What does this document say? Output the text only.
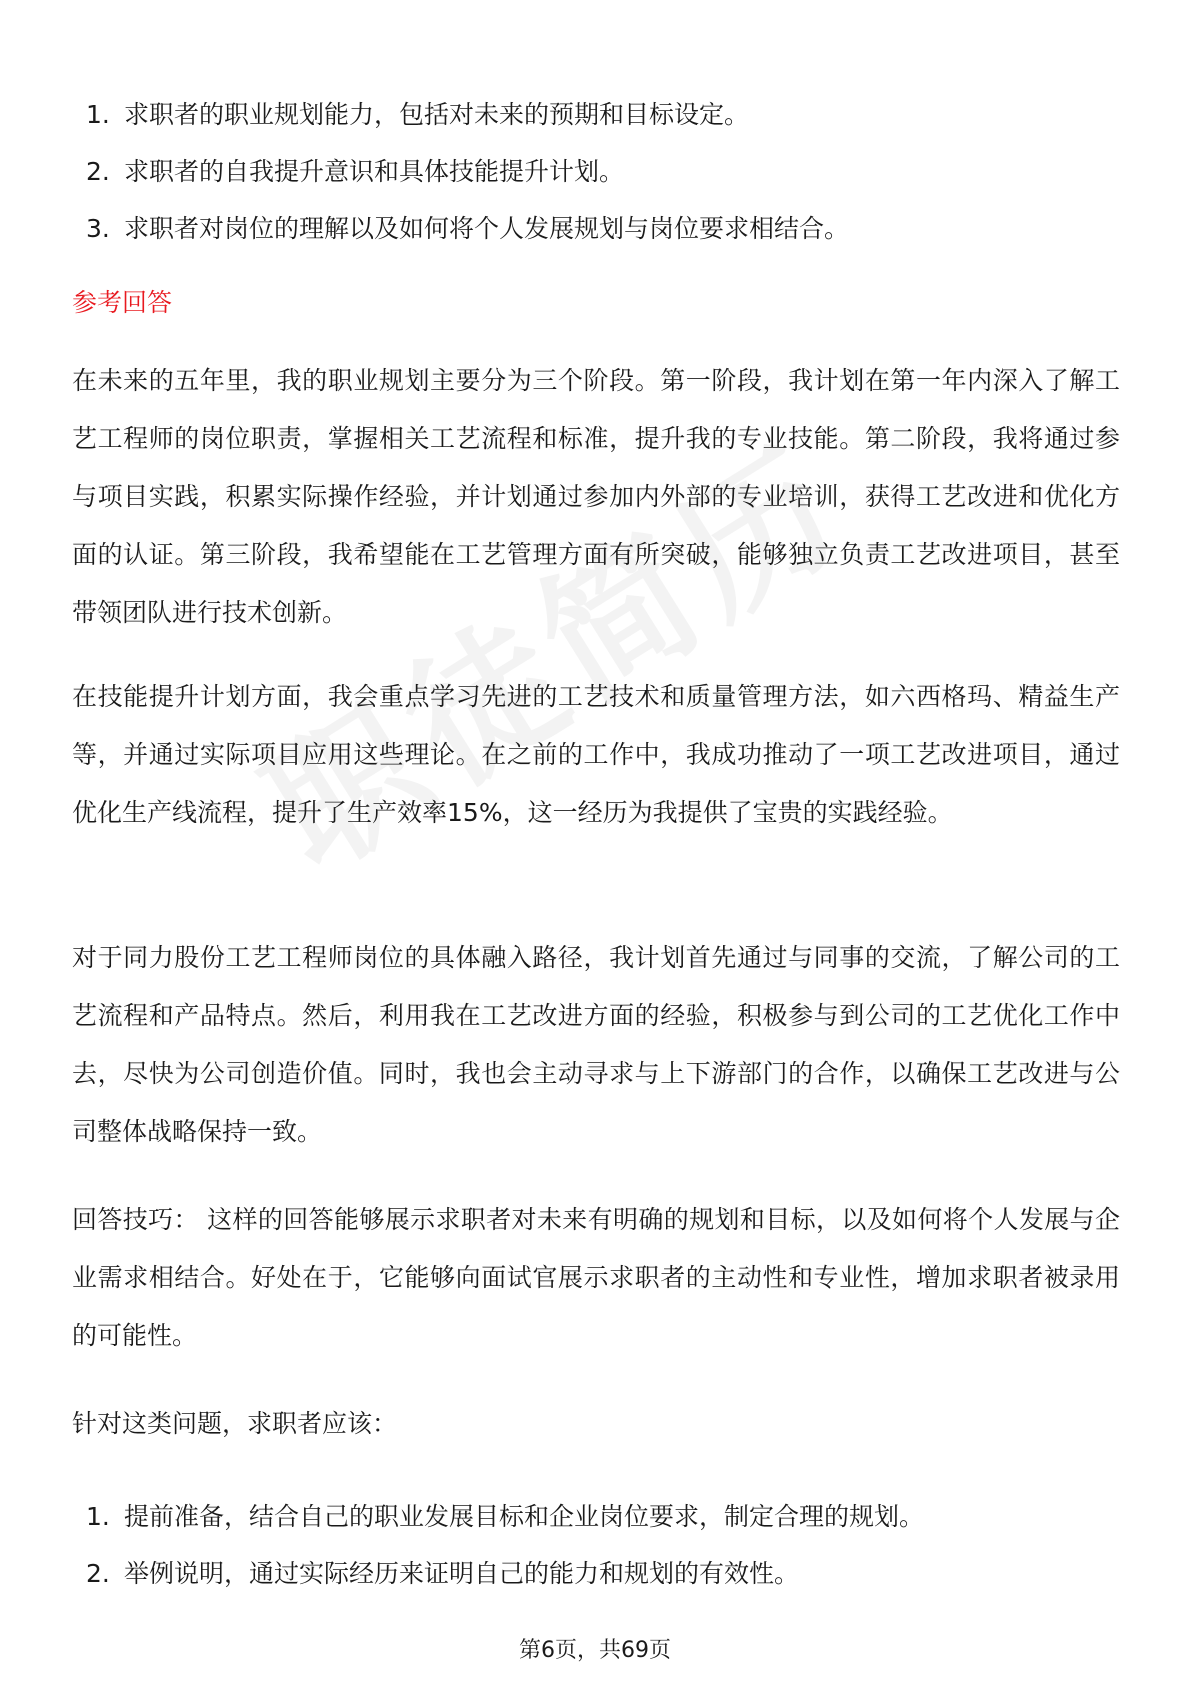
1. 求职者的职业规划能力，包括对未来的预期和目标设定。
2. 求职者的自我提升意识和具体技能提升计划。
3. 求职者对岗位的理解以及如何将个人发展规划与岗位要求相结合。
参考回答

在未来的五年里，我的职业规划主要分为三个阶段。第一阶段，我计划在第一年内深入了解工艺工程师的岗位职责，掌握相关工艺流程和标准，提升我的专业技能。第二阶段，我将通过参与项目实践，积累实际操作经验，并计划通过参加内外部的专业培训，获得工艺改进和优化方面的认证。第三阶段，我希望能在工艺管理方面有所突破，能够独立负责工艺改进项目，甚至带领团队进行技术创新。

在技能提升计划方面，我会重点学习先进的工艺技术和质量管理方法，如六西格玛、精益生产等，并通过实际项目应用这些理论。在之前的工作中，我成功推动了一项工艺改进项目，通过优化生产线流程，提升了生产效率15%，这一经历为我提供了宝贵的实践经验。

对于同力股份工艺工程师岗位的具体融入路径，我计划首先通过与同事的交流，了解公司的工艺流程和产品特点。然后，利用我在工艺改进方面的经验，积极参与到公司的工艺优化工作中去，尽快为公司创造价值。同时，我也会主动寻求与上下游部门的合作，以确保工艺改进与公司整体战略保持一致。

回答技巧： 这样的回答能够展示求职者对未来有明确的规划和目标，以及如何将个人发展与企业需求相结合。好处在于，它能够向面试官展示求职者的主动性和专业性，增加求职者被录用的可能性。

针对这类问题，求职者应该：

1. 提前准备，结合自己的职业发展目标和企业岗位要求，制定合理的规划。
2. 举例说明，通过实际经历来证明自己的能力和规划的有效性。
第6页，共69页
